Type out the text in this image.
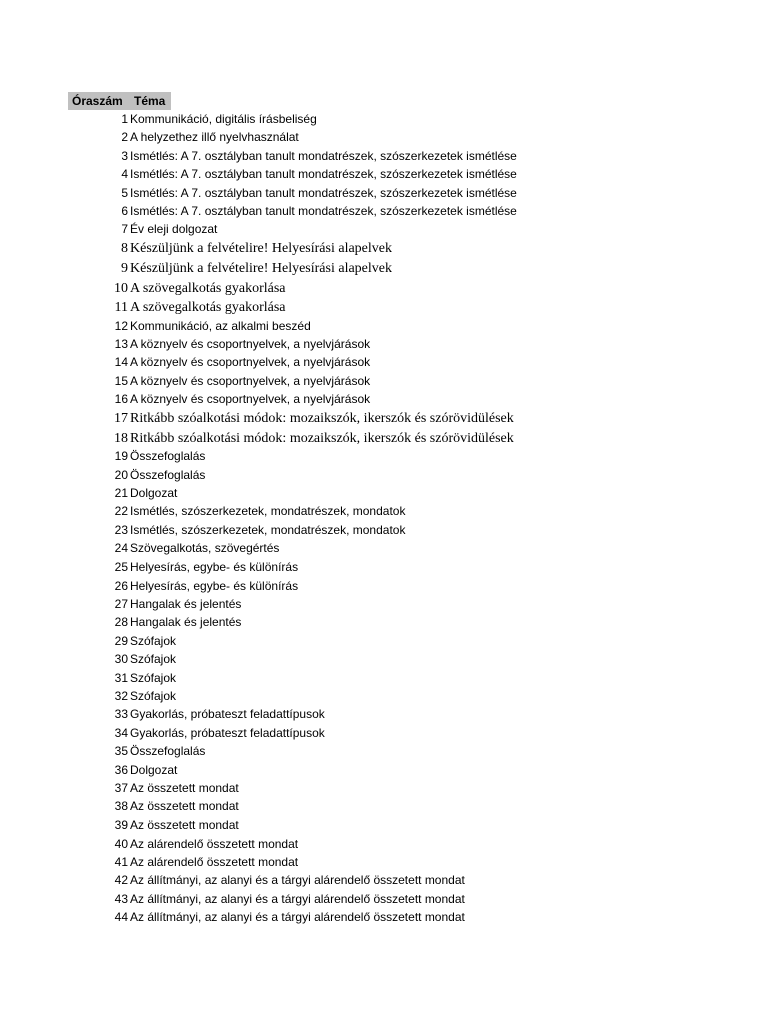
Óraszám Téma
1 Kommunikáció, digitális írásbeliség
2 A helyzethez illő nyelvhasználat
3 Ismétlés: A 7. osztályban tanult mondatrészek, szószerkezetek ismétlése
4 Ismétlés: A 7. osztályban tanult mondatrészek, szószerkezetek ismétlése
5 Ismétlés: A 7. osztályban tanult mondatrészek, szószerkezetek ismétlése
6 Ismétlés: A 7. osztályban tanult mondatrészek, szószerkezetek ismétlése
7 Év eleji dolgozat
8 Készüljünk a felvételire! Helyesírási alapelvek
9 Készüljünk a felvételire! Helyesírási alapelvek
10 A szövegalkotás gyakorlása
11 A szövegalkotás gyakorlása
12 Kommunikáció, az alkalmi beszéd
13 A köznyelv és csoportnyelvek, a nyelvjárások
14 A köznyelv és csoportnyelvek, a nyelvjárások
15 A köznyelv és csoportnyelvek, a nyelvjárások
16 A köznyelv és csoportnyelvek, a nyelvjárások
17 Ritkább szóalkotási módok: mozaikszók, ikerszók és szórövidülések
18 Ritkább szóalkotási módok: mozaikszók, ikerszók és szórövidülések
19 Összefoglalás
20 Összefoglalás
21 Dolgozat
22 Ismétlés, szószerkezetek, mondatrészek, mondatok
23 Ismétlés, szószerkezetek, mondatrészek, mondatok
24 Szövegalkotás, szövegértés
25 Helyesírás, egybe- és különírás
26 Helyesírás, egybe- és különírás
27 Hangalak és jelentés
28 Hangalak és jelentés
29 Szófajok
30 Szófajok
31 Szófajok
32 Szófajok
33 Gyakorlás, próbateszt feladattípusok
34 Gyakorlás, próbateszt feladattípusok
35 Összefoglalás
36 Dolgozat
37 Az összetett mondat
38 Az összetett mondat
39 Az összetett mondat
40 Az alárendelő összetett mondat
41 Az alárendelő összetett mondat
42 Az állítmányi, az alanyi és a tárgyi alárendelő összetett mondat
43 Az állítmányi, az alanyi és a tárgyi alárendelő összetett mondat
44 Az állítmányi, az alanyi és a tárgyi alárendelő összetett mondat
